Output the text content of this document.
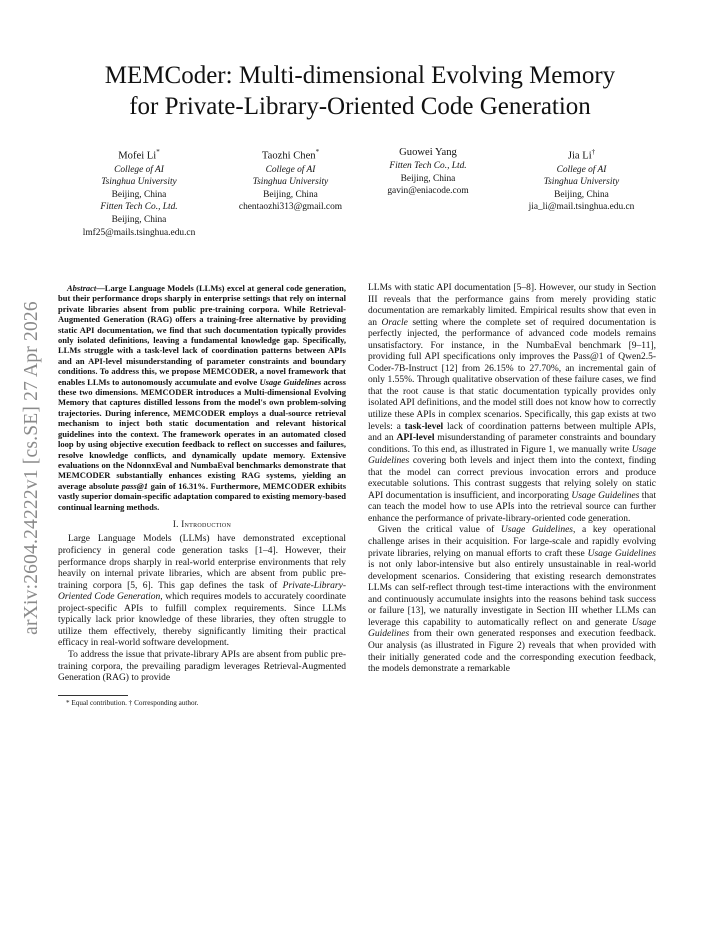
arXiv:2604.24222v1 [cs.SE] 27 Apr 2026
MEMCoder: Multi-dimensional Evolving Memory
for Private-Library-Oriented Code Generation
Mofei Li*
College of AI
Tsinghua University
Beijing, China
Fitten Tech Co., Ltd.
Beijing, China
lmf25@mails.tsinghua.edu.cn
Taozhi Chen*
College of AI
Tsinghua University
Beijing, China
chentaozhi313@gmail.com
Guowei Yang
Fitten Tech Co., Ltd.
Beijing, China
gavin@eniacode.com
Jia Li†
College of AI
Tsinghua University
Beijing, China
jia_li@mail.tsinghua.edu.cn

Abstract—Large Language Models (LLMs) excel at general code generation, but their performance drops sharply in enterprise settings that rely on internal private libraries absent from public pre-training corpora. While Retrieval-Augmented Generation (RAG) offers a training-free alternative by providing static API documentation, we find that such documentation typically provides only isolated definitions, leaving a fundamental knowledge gap. Specifically, LLMs struggle with a task-level lack of coordination patterns between APIs and an API-level misunderstanding of parameter constraints and boundary conditions. To address this, we propose MEMCODER, a novel framework that enables LLMs to autonomously accumulate and evolve Usage Guidelines across these two dimensions. MEMCODER introduces a Multi-dimensional Evolving Memory that captures distilled lessons from the model's own problem-solving trajectories. During inference, MEMCODER employs a dual-source retrieval mechanism to inject both static documentation and relevant historical guidelines into the context. The framework operates in an automated closed loop by using objective execution feedback to reflect on successes and failures, resolve knowledge conflicts, and dynamically update memory. Extensive evaluations on the NdonnxEval and NumbaEval benchmarks demonstrate that MEMCODER substantially enhances existing RAG systems, yielding an average absolute pass@1 gain of 16.31%. Furthermore, MEMCODER exhibits vastly superior domain-specific adaptation compared to existing memory-based continual learning methods.

I. Introduction

Large Language Models (LLMs) have demonstrated exceptional proficiency in general code generation tasks [1–4]. However, their performance drops sharply in real-world enterprise environments that rely heavily on internal private libraries, which are absent from public pre-training corpora [5, 6]. This gap defines the task of Private-Library-Oriented Code Generation, which requires models to accurately coordinate project-specific APIs to fulfill complex requirements. Since LLMs typically lack prior knowledge of these libraries, they often struggle to utilize them effectively, thereby significantly limiting their practical efficacy in real-world software development.

To address the issue that private-library APIs are absent from public pre-training corpora, the prevailing paradigm leverages Retrieval-Augmented Generation (RAG) to provide

* Equal contribution. † Corresponding author.

LLMs with static API documentation [5–8]. However, our study in Section III reveals that the performance gains from merely providing static documentation are remarkably limited. Empirical results show that even in an Oracle setting where the complete set of required documentation is perfectly injected, the performance of advanced code models remains unsatisfactory. For instance, in the NumbaEval benchmark [9–11], providing full API specifications only improves the Pass@1 of Qwen2.5-Coder-7B-Instruct [12] from 26.15% to 27.70%, an incremental gain of only 1.55%. Through qualitative observation of these failure cases, we find that the root cause is that static documentation typically provides only isolated API definitions, and the model still does not know how to correctly utilize these APIs in complex scenarios. Specifically, this gap exists at two levels: a task-level lack of coordination patterns between multiple APIs, and an API-level misunderstanding of parameter constraints and boundary conditions. To this end, as illustrated in Figure 1, we manually write Usage Guidelines covering both levels and inject them into the context, finding that the model can correct previous invocation errors and produce executable solutions. This contrast suggests that relying solely on static API documentation is insufficient, and incorporating Usage Guidelines that can teach the model how to use APIs into the retrieval source can further enhance the performance of private-library-oriented code generation.

Given the critical value of Usage Guidelines, a key operational challenge arises in their acquisition. For large-scale and rapidly evolving private libraries, relying on manual efforts to craft these Usage Guidelines is not only labor-intensive but also entirely unsustainable in real-world development scenarios. Considering that existing research demonstrates LLMs can self-reflect through test-time interactions with the environment and continuously accumulate insights into the reasons behind task success or failure [13], we naturally investigate in Section III whether LLMs can leverage this capability to automatically reflect on and generate Usage Guidelines from their own generated responses and execution feedback. Our analysis (as illustrated in Figure 2) reveals that when provided with their initially generated code and the corresponding execution feedback, the models demonstrate a remarkable
